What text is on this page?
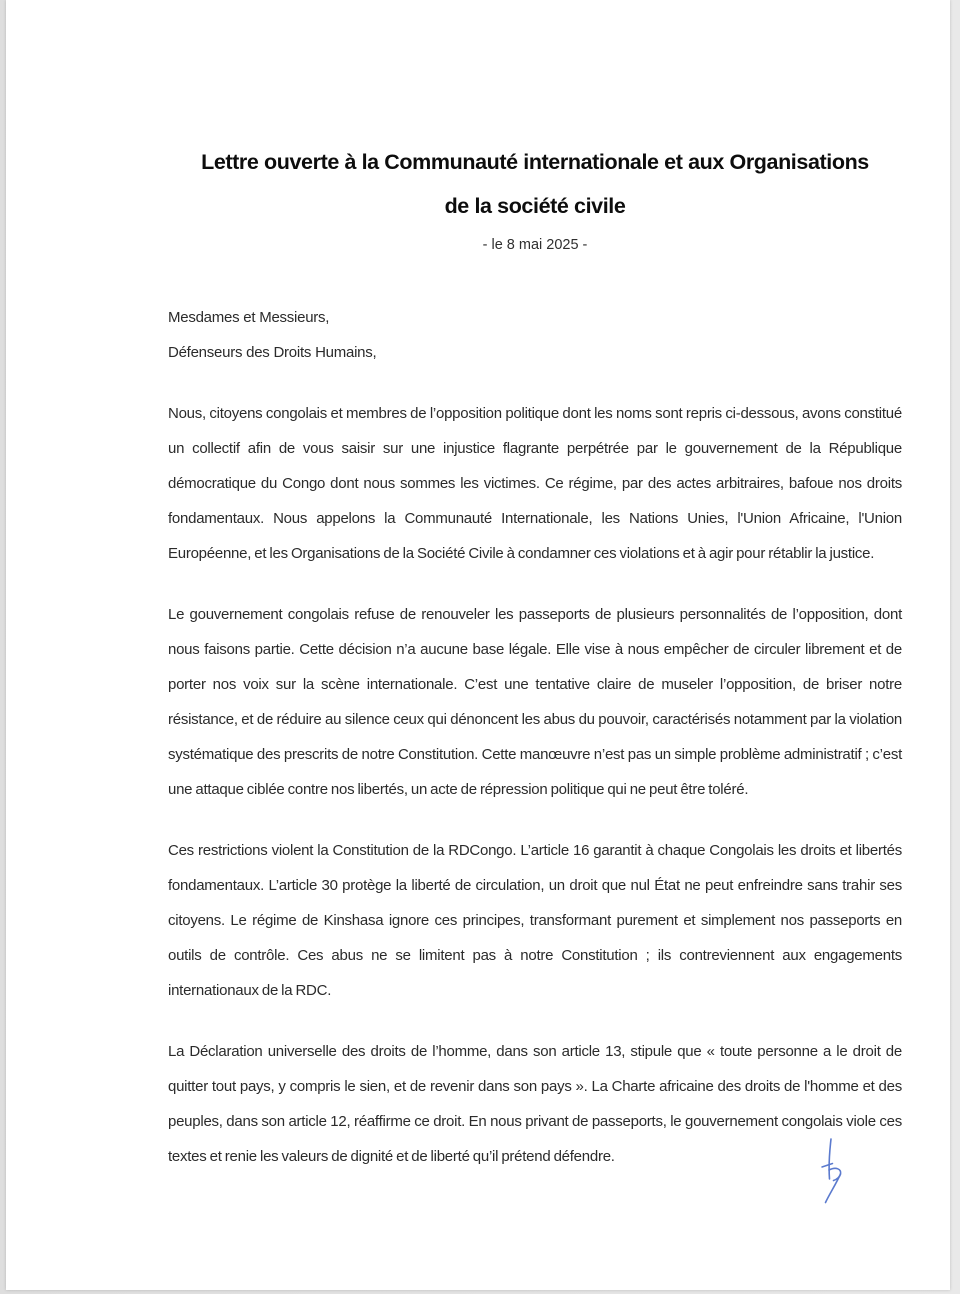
Lettre ouverte à la Communauté internationale et aux Organisations
de la société civile
- le 8 mai 2025 -
Mesdames et Messieurs,
Défenseurs des Droits Humains,

Nous, citoyens congolais et membres de l’opposition politique dont les noms sont repris ci-dessous, avons constitué un collectif afin de vous saisir sur une injustice flagrante perpétrée par le gouvernement de la République démocratique du Congo dont nous sommes les victimes. Ce régime, par des actes arbitraires, bafoue nos droits fondamentaux. Nous appelons la Communauté Internationale, les Nations Unies, l'Union Africaine, l'Union Européenne, et les Organisations de la Société Civile à condamner ces violations et à agir pour rétablir la justice.

Le gouvernement congolais refuse de renouveler les passeports de plusieurs personnalités de l’opposition, dont nous faisons partie. Cette décision n’a aucune base légale. Elle vise à nous empêcher de circuler librement et de porter nos voix sur la scène internationale. C’est une tentative claire de museler l’opposition, de briser notre résistance, et de réduire au silence ceux qui dénoncent les abus du pouvoir, caractérisés notamment par la violation systématique des prescrits de notre Constitution. Cette manœuvre n’est pas un simple problème administratif ; c’est une attaque ciblée contre nos libertés, un acte de répression politique qui ne peut être toléré.

Ces restrictions violent la Constitution de la RDCongo. L’article 16 garantit à chaque Congolais les droits et libertés fondamentaux. L’article 30 protège la liberté de circulation, un droit que nul État ne peut enfreindre sans trahir ses citoyens. Le régime de Kinshasa ignore ces principes, transformant purement et simplement nos passeports en outils de contrôle. Ces abus ne se limitent pas à notre Constitution ; ils contreviennent aux engagements internationaux de la RDC.

La Déclaration universelle des droits de l’homme, dans son article 13, stipule que « toute personne a le droit de quitter tout pays, y compris le sien, et de revenir dans son pays ». La Charte africaine des droits de l'homme et des peuples, dans son article 12, réaffirme ce droit. En nous privant de passeports, le gouvernement congolais viole ces textes et renie les valeurs de dignité et de liberté qu’il prétend défendre.
